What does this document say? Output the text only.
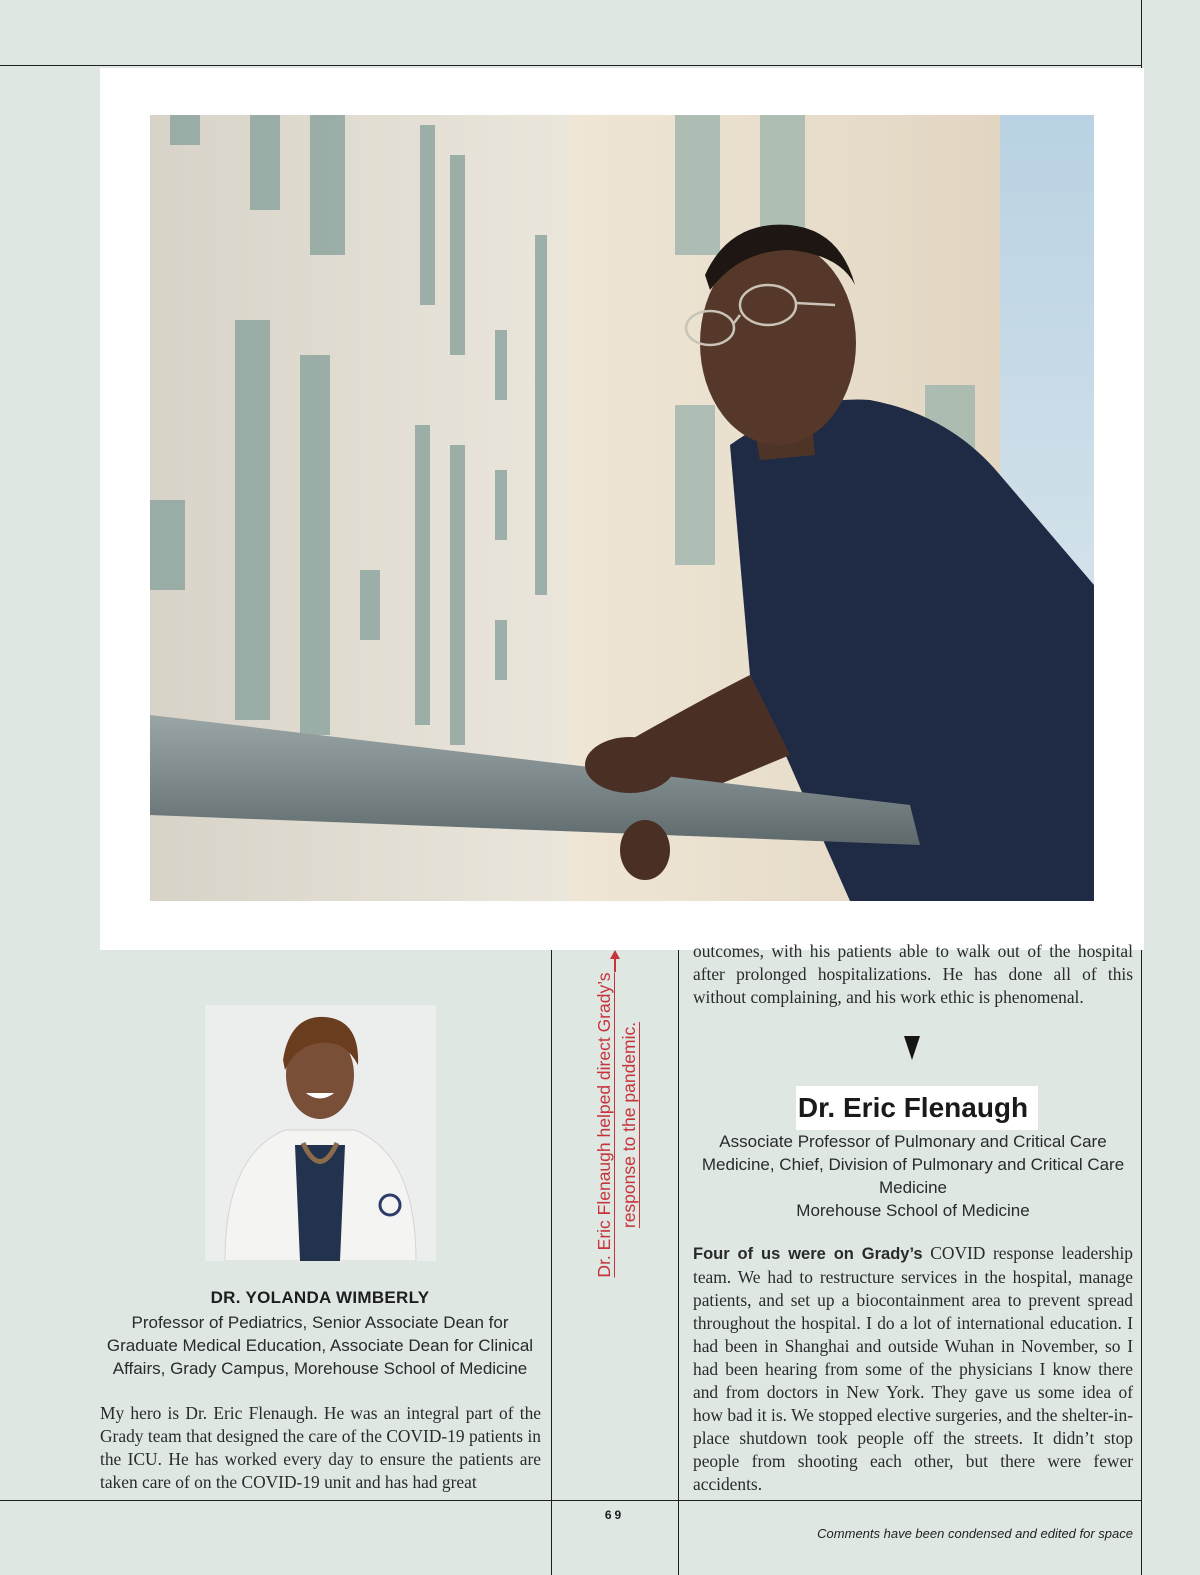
DR. YOLANDA WIMBERLY
Professor of Pediatrics, Senior Associate Dean for Graduate Medical Education, Associate Dean for Clinical Affairs, Grady Campus, Morehouse School of Medicine
My hero is Dr. Eric Flenaugh. He was an integral part of the Grady team that designed the care of the COVID-19 patients in the ICU. He has worked every day to ensure the patients are taken care of on the COVID-19 unit and has had great
Dr. Eric Flenaugh helped direct Grady’s response to the pandemic.
69
outcomes, with his patients able to walk out of the hospital after prolonged hospitalizations. He has done all of this without complaining, and his work ethic is phenomenal.
Dr. Eric Flenaugh
Associate Professor of Pulmonary and Critical Care Medicine, Chief, Division of Pulmonary and Critical Care Medicine
Morehouse School of Medicine
Four of us were on Grady’s COVID response leadership team. We had to restructure services in the hospital, manage patients, and set up a biocontainment area to prevent spread throughout the hospital. I do a lot of international education. I had been in Shanghai and outside Wuhan in November, so I had been hearing from some of the physicians I know there and from doctors in New York. They gave us some idea of how bad it is. We stopped elective surgeries, and the shelter-in-place shutdown took people off the streets. It didn’t stop people from shooting each other, but there were fewer accidents.
Comments have been condensed and edited for space
